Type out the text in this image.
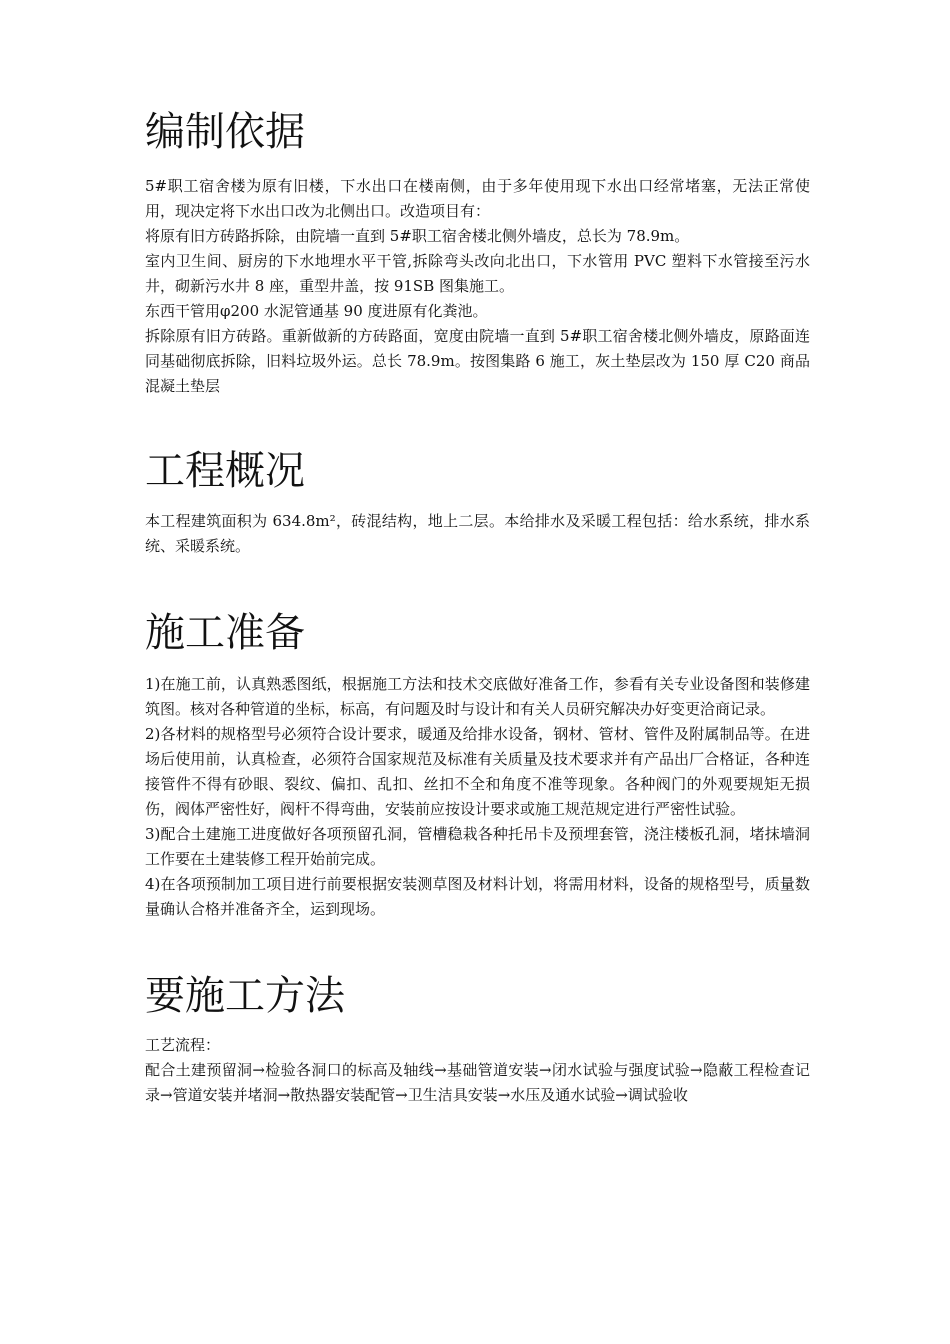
编制依据

5#职工宿舍楼为原有旧楼，下水出口在楼南侧，由于多年使用现下水出口经常堵塞，无法正常使用，现决定将下水出口改为北侧出口。改造项目有：

将原有旧方砖路拆除，由院墙一直到 5#职工宿舍楼北侧外墙皮，总长为 78.9m。

室内卫生间、厨房的下水地埋水平干管,拆除弯头改向北出口，下水管用 PVC 塑料下水管接至污水井，砌新污水井 8 座，重型井盖，按 91SB 图集施工。

东西干管用φ200 水泥管通基 90 度进原有化粪池。

拆除原有旧方砖路。重新做新的方砖路面，宽度由院墙一直到 5#职工宿舍楼北侧外墙皮，原路面连同基础彻底拆除，旧料垃圾外运。总长 78.9m。按图集路 6 施工，灰土垫层改为 150 厚 C20 商品混凝土垫层

工程概况

本工程建筑面积为 634.8m²，砖混结构，地上二层。本给排水及采暖工程包括：给水系统，排水系统、采暖系统。

施工准备

1)在施工前，认真熟悉图纸，根据施工方法和技术交底做好准备工作，参看有关专业设备图和装修建筑图。核对各种管道的坐标，标高，有问题及时与设计和有关人员研究解决办好变更洽商记录。

2)各材料的规格型号必须符合设计要求，暖通及给排水设备，钢材、管材、管件及附属制品等。在进场后使用前，认真检查，必须符合国家规范及标准有关质量及技术要求并有产品出厂合格证，各种连接管件不得有砂眼、裂纹、偏扣、乱扣、丝扣不全和角度不准等现象。各种阀门的外观要规矩无损伤，阀体严密性好，阀杆不得弯曲，安装前应按设计要求或施工规范规定进行严密性试验。

3)配合土建施工进度做好各项预留孔洞，管槽稳栽各种托吊卡及预埋套管，浇注楼板孔洞，堵抹墙洞工作要在土建装修工程开始前完成。

4)在各项预制加工项目进行前要根据安装测草图及材料计划，将需用材料，设备的规格型号，质量数量确认合格并准备齐全，运到现场。

要施工方法

工艺流程：

配合土建预留洞→检验各洞口的标高及轴线→基础管道安装→闭水试验与强度试验→隐蔽工程检查记录→管道安装并堵洞→散热器安装配管→卫生洁具安装→水压及通水试验→调试验收
